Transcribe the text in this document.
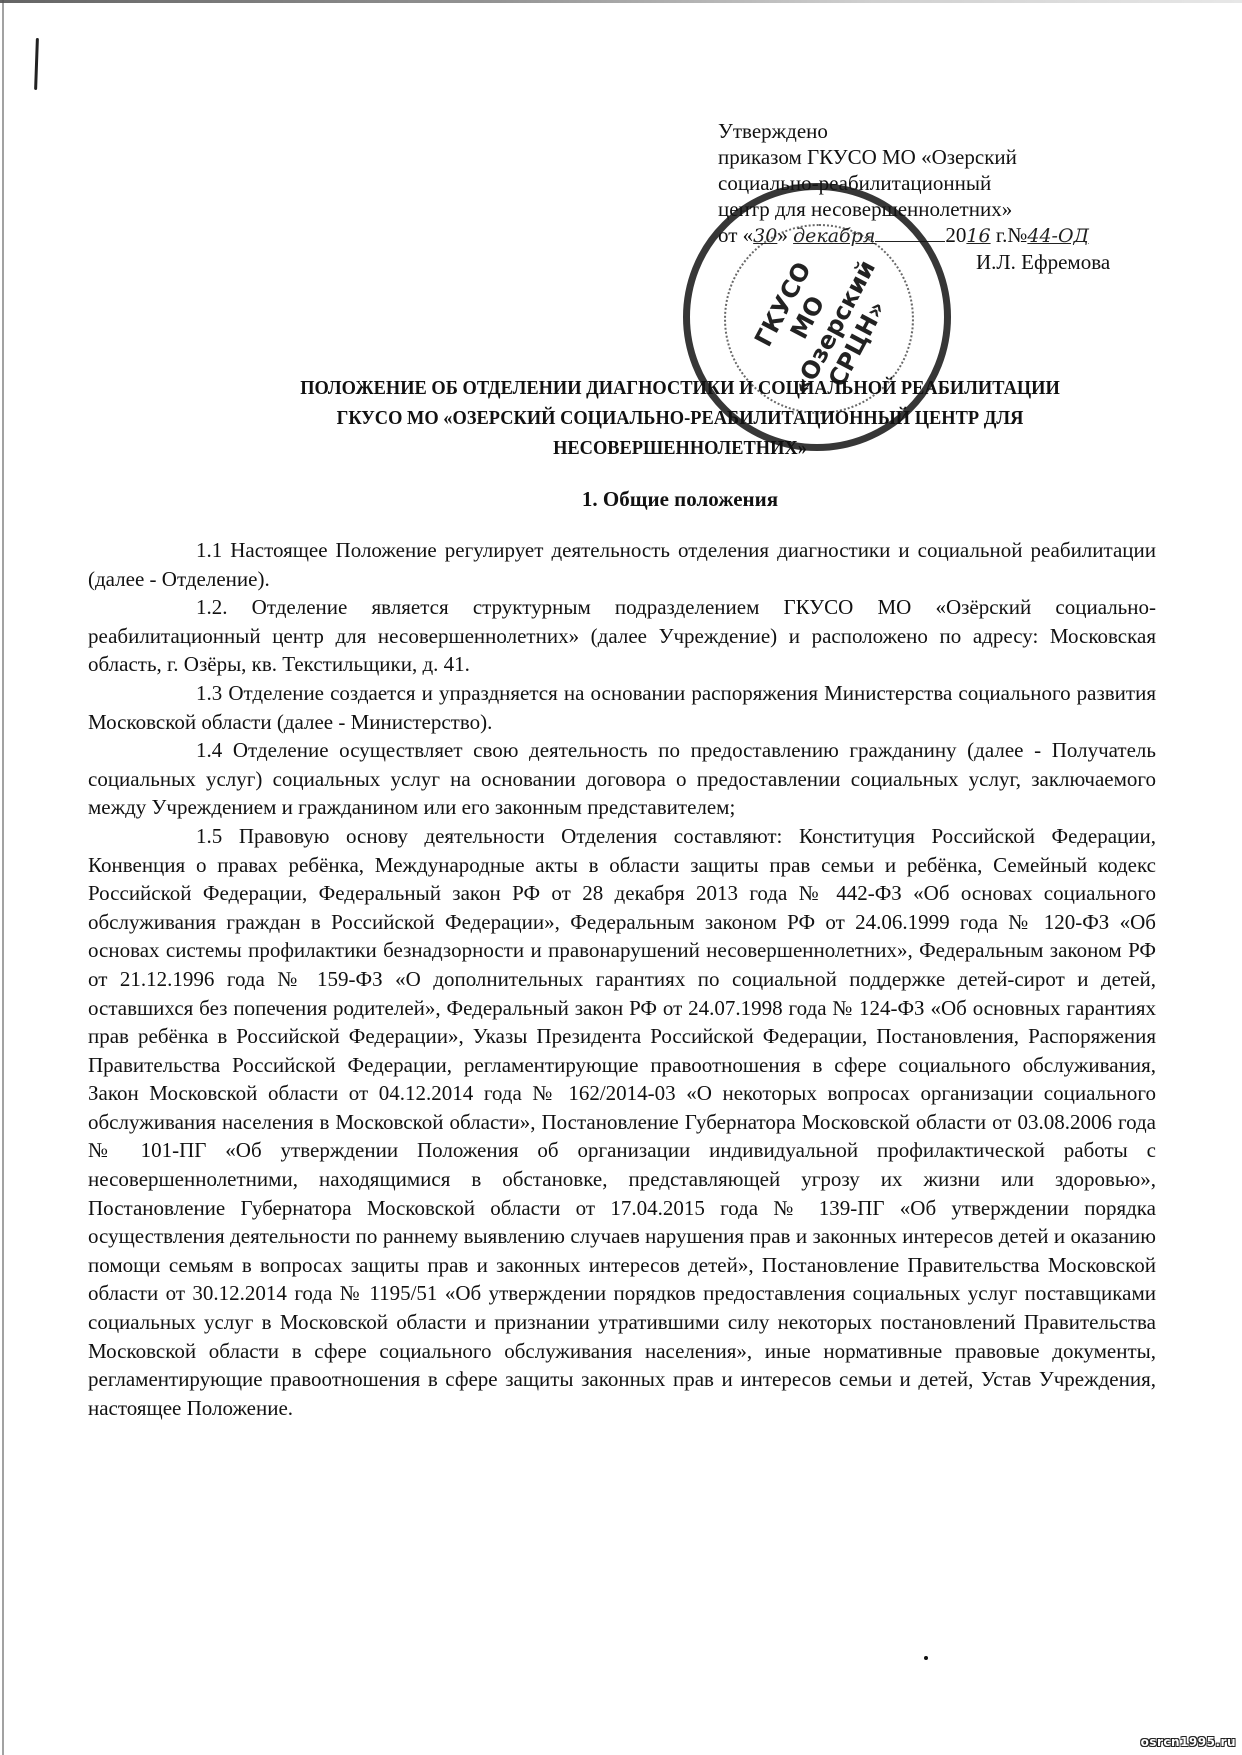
Утверждено
приказом ГКУСО МО «Озерский
социально-реабилитационный
центр для несовершеннолетних»
от «30» декабря	2016 г.№44-ОД
И.Л. Ефремова
ГКУСО МО «Озерский СРЦН»
ПОЛОЖЕНИЕ ОБ ОТДЕЛЕНИИ ДИАГНОСТИКИ И СОЦИАЛЬНОЙ РЕАБИЛИТАЦИИ
ГКУСО МО «ОЗЕРСКИЙ СОЦИАЛЬНО-РЕАБИЛИТАЦИОННЫЙ ЦЕНТР ДЛЯ
НЕСОВЕРШЕННОЛЕТНИХ»
1. Общие положения

1.1 Настоящее Положение регулирует деятельность отделения диагностики и социальной реабилитации (далее - Отделение).

1.2. Отделение является структурным подразделением ГКУСО МО «Озёрский социально-реабилитационный центр для несовершеннолетних» (далее Учреждение) и расположено по адресу: Московская область, г. Озёры, кв. Текстильщики, д. 41.

1.3 Отделение создается и упраздняется на основании распоряжения Министерства социального развития Московской области (далее - Министерство).

1.4 Отделение осуществляет свою деятельность по предоставлению гражданину (далее - Получатель социальных услуг) социальных услуг на основании договора о предоставлении социальных услуг, заключаемого между Учреждением и гражданином или его законным представителем;

1.5 Правовую основу деятельности Отделения составляют: Конституция Российской Федерации, Конвенция о правах ребёнка, Международные акты в области защиты прав семьи и ребёнка, Семейный кодекс Российской Федерации, Федеральный закон РФ от 28 декабря 2013 года № 442-ФЗ «Об основах социального обслуживания граждан в Российской Федерации», Федеральным законом РФ от 24.06.1999 года № 120-ФЗ «Об основах системы профилактики безнадзорности и правонарушений несовершеннолетних», Федеральным законом РФ от 21.12.1996 года № 159-ФЗ «О дополнительных гарантиях по социальной поддержке детей-сирот и детей, оставшихся без попечения родителей», Федеральный закон РФ от 24.07.1998 года № 124-ФЗ «Об основных гарантиях прав ребёнка в Российской Федерации», Указы Президента Российской Федерации, Постановления, Распоряжения Правительства Российской Федерации, регламентирующие правоотношения в сфере социального обслуживания, Закон Московской области от 04.12.2014 года № 162/2014-03 «О некоторых вопросах организации социального обслуживания населения в Московской области», Постановление Губернатора Московской области от 03.08.2006 года № 101-ПГ «Об утверждении Положения об организации индивидуальной профилактической работы с несовершеннолетними, находящимися в обстановке, представляющей угрозу их жизни или здоровью», Постановление Губернатора Московской области от 17.04.2015 года № 139-ПГ «Об утверждении порядка осуществления деятельности по раннему выявлению случаев нарушения прав и законных интересов детей и оказанию помощи семьям в вопросах защиты прав и законных интересов детей», Постановление Правительства Московской области от 30.12.2014 года № 1195/51 «Об утверждении порядков предоставления социальных услуг поставщиками социальных услуг в Московской области и признании утратившими силу некоторых постановлений Правительства Московской области в сфере социального обслуживания населения», иные нормативные правовые документы, регламентирующие правоотношения в сфере защиты законных прав и интересов семьи и детей, Устав Учреждения, настоящее Положение.

osrcn1995.ru
